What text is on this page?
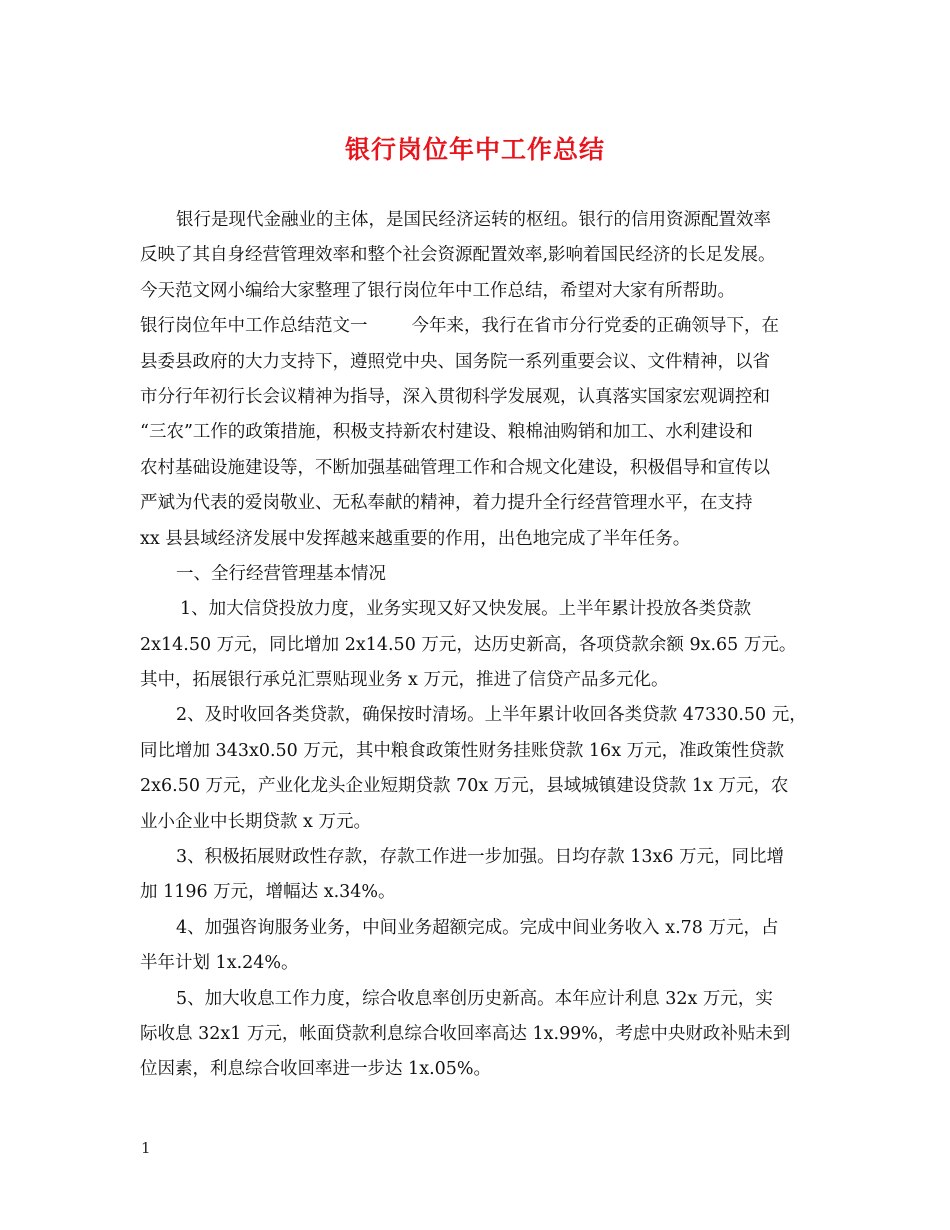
银行岗位年中工作总结
银行是现代金融业的主体，是国民经济运转的枢纽。银行的信用资源配置效率
反映了其自身经营管理效率和整个社会资源配置效率,影响着国民经济的长足发展。
今天范文网小编给大家整理了银行岗位年中工作总结，希望对大家有所帮助。
银行岗位年中工作总结范文一	今年来，我行在省市分行党委的正确领导下，在
县委县政府的大力支持下，遵照党中央、国务院一系列重要会议、文件精神，以省
市分行年初行长会议精神为指导，深入贯彻科学发展观，认真落实国家宏观调控和
“三农”工作的政策措施，积极支持新农村建设、粮棉油购销和加工、水利建设和
农村基础设施建设等，不断加强基础管理工作和合规文化建设，积极倡导和宣传以
严斌为代表的爱岗敬业、无私奉献的精神，着力提升全行经营管理水平，在支持
xx 县县域经济发展中发挥越来越重要的作用，出色地完成了半年任务。
一、全行经营管理基本情况
1、加大信贷投放力度，业务实现又好又快发展。上半年累计投放各类贷款
2x14.50 万元，同比增加 2x14.50 万元，达历史新高，各项贷款余额 9x.65 万元。
其中，拓展银行承兑汇票贴现业务 x 万元，推进了信贷产品多元化。
2、及时收回各类贷款，确保按时清场。上半年累计收回各类贷款 47330.50 元，
同比增加 343x0.50 万元，其中粮食政策性财务挂账贷款 16x 万元，准政策性贷款
2x6.50 万元，产业化龙头企业短期贷款 70x 万元，县域城镇建设贷款 1x 万元，农
业小企业中长期贷款 x 万元。
3、积极拓展财政性存款，存款工作进一步加强。日均存款 13x6 万元，同比增
加 1196 万元，增幅达 x.34%。
4、加强咨询服务业务，中间业务超额完成。完成中间业务收入 x.78 万元，占
半年计划 1x.24%。
5、加大收息工作力度，综合收息率创历史新高。本年应计利息 32x 万元，实
际收息 32x1 万元，帐面贷款利息综合收回率高达 1x.99%，考虑中央财政补贴未到
位因素，利息综合收回率进一步达 1x.05%。
1
